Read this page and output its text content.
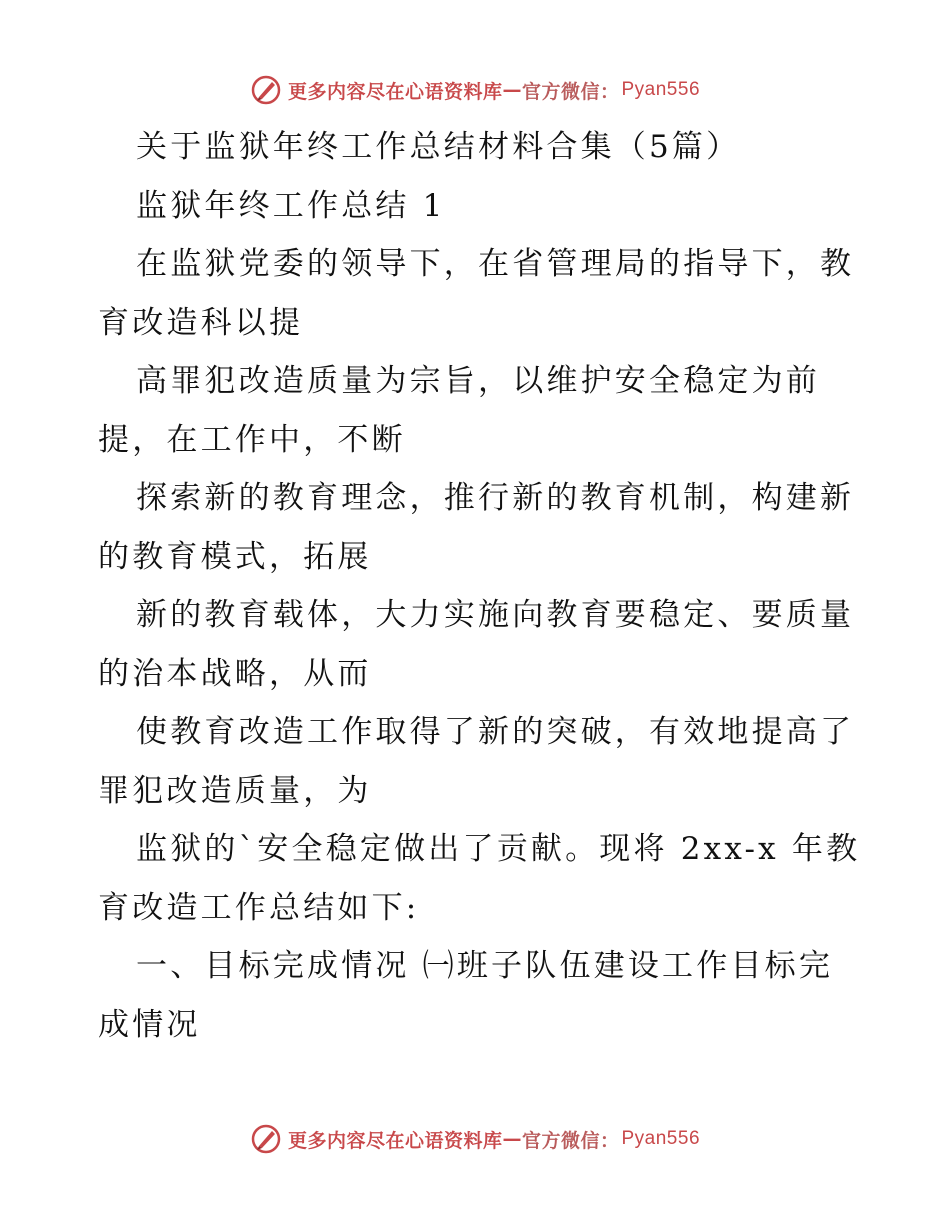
更多内容尽在心语资料库 — 官方微信： Pyan556
关于监狱年终工作总结材料合集（5篇）
监狱年终工作总结 1
在监狱党委的领导下，在省管理局的指导下，教
育改造科以提
高罪犯改造质量为宗旨，以维护安全稳定为前
提，在工作中，不断
探索新的教育理念，推行新的教育机制，构建新
的教育模式，拓展
新的教育载体，大力实施向教育要稳定、要质量
的治本战略，从而
使教育改造工作取得了新的突破，有效地提高了
罪犯改造质量，为
监狱的`安全稳定做出了贡献。现将 2xx-x 年教
育改造工作总结如下:
一、目标完成情况 ㈠班子队伍建设工作目标完
成情况
更多内容尽在心语资料库 — 官方微信： Pyan556
